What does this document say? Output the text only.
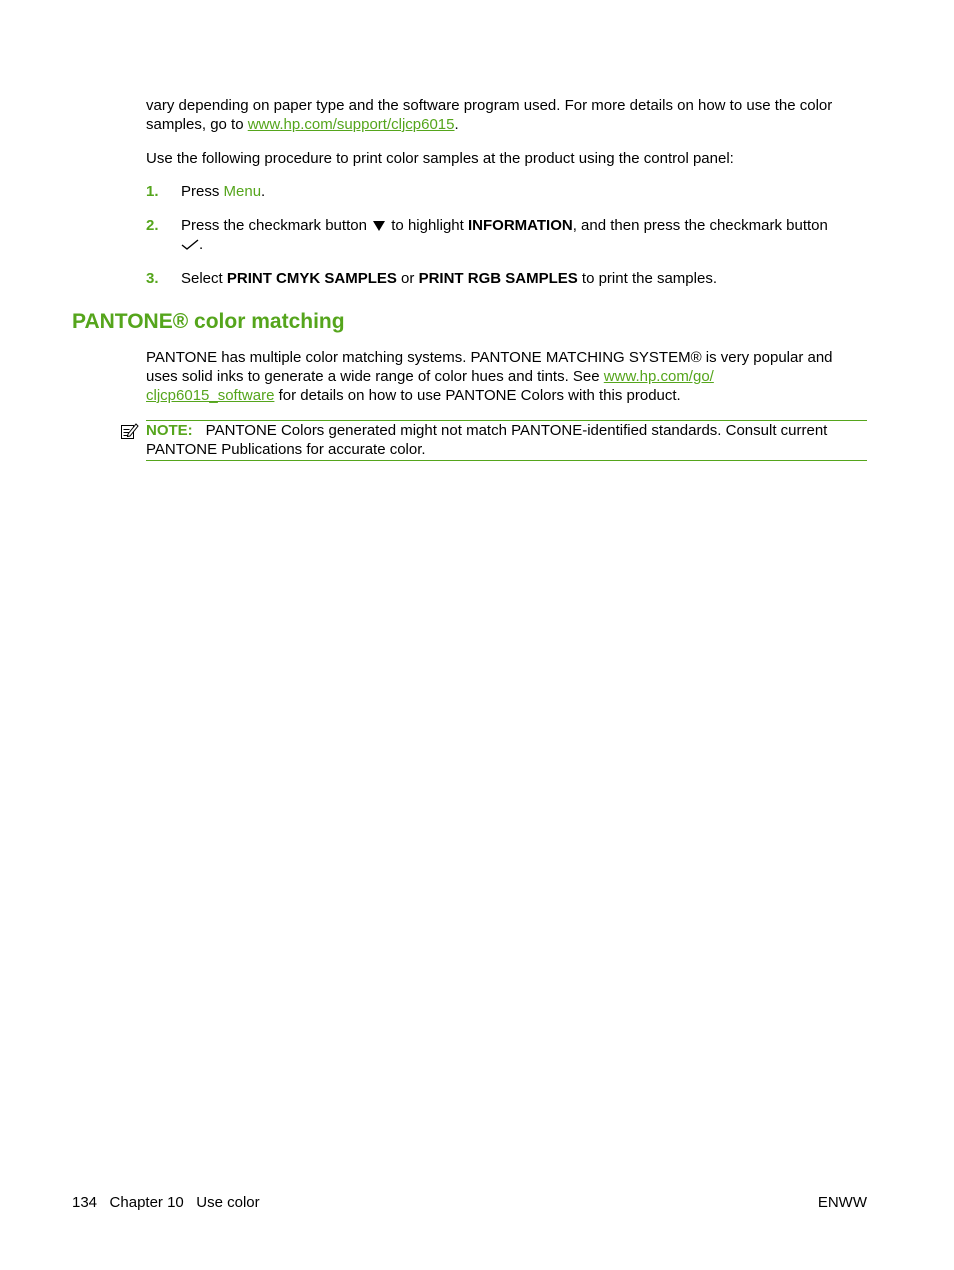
vary depending on paper type and the software program used. For more details on how to use the color samples, go to www.hp.com/support/cljcp6015.
Use the following procedure to print color samples at the product using the control panel:
1. Press Menu.
2. Press the checkmark button  to highlight INFORMATION, and then press the checkmark button
.
3. Select PRINT CMYK SAMPLES or PRINT RGB SAMPLES to print the samples.
PANTONE® color matching
PANTONE has multiple color matching systems. PANTONE MATCHING SYSTEM® is very popular and uses solid inks to generate a wide range of color hues and tints. See www.hp.com/go/
cljcp6015_software for details on how to use PANTONE Colors with this product.
NOTE: PANTONE Colors generated might not match PANTONE-identified standards. Consult current PANTONE Publications for accurate color.
134 Chapter 10 Use color	ENWW
